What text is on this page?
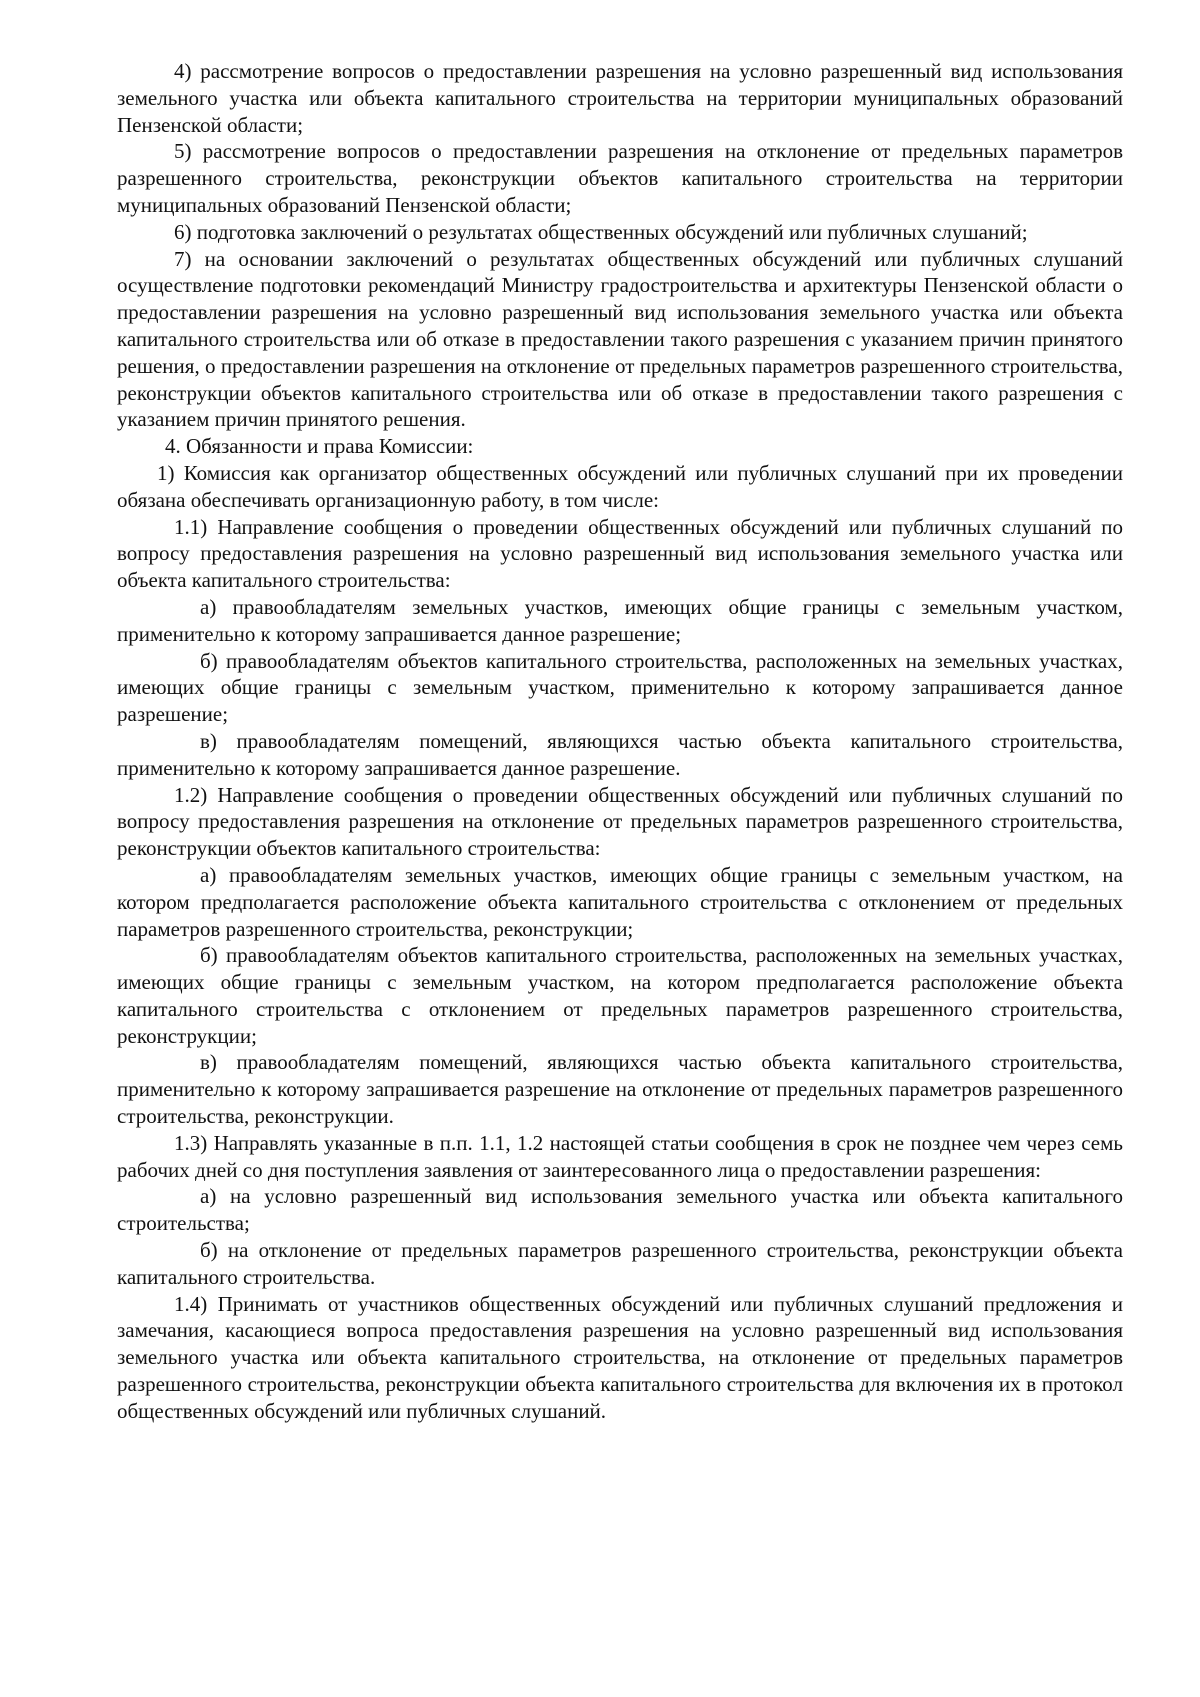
4) рассмотрение вопросов о предоставлении разрешения на условно разрешенный вид использования земельного участка или объекта капитального строительства на территории муниципальных образований Пензенской области;

5) рассмотрение вопросов о предоставлении разрешения на отклонение от предельных параметров разрешенного строительства, реконструкции объектов капитального строительства на территории муниципальных образований Пензенской области;

6) подготовка заключений о результатах общественных обсуждений или публичных слушаний;

7) на основании заключений о результатах общественных обсуждений или публичных слушаний осуществление подготовки рекомендаций Министру градостроительства и архитектуры Пензенской области о предоставлении разрешения на условно разрешенный вид использования земельного участка или объекта капитального строительства или об отказе в предоставлении такого разрешения с указанием причин принятого решения, о предоставлении разрешения на отклонение от предельных параметров разрешенного строительства, реконструкции объектов капитального строительства или об отказе в предоставлении такого разрешения с указанием причин принятого решения.

4. Обязанности и права Комиссии:

1) Комиссия как организатор общественных обсуждений или публичных слушаний при их проведении обязана обеспечивать организационную работу, в том числе:

1.1) Направление сообщения о проведении общественных обсуждений или публичных слушаний по вопросу предоставления разрешения на условно разрешенный вид использования земельного участка или объекта капитального строительства:

а) правообладателям земельных участков, имеющих общие границы с земельным участком, применительно к которому запрашивается данное разрешение;

б) правообладателям объектов капитального строительства, расположенных на земельных участках, имеющих общие границы с земельным участком, применительно к которому запрашивается данное разрешение;

в) правообладателям помещений, являющихся частью объекта капитального строительства, применительно к которому запрашивается данное разрешение.

1.2) Направление сообщения о проведении общественных обсуждений или публичных слушаний по вопросу предоставления разрешения на отклонение от предельных параметров разрешенного строительства, реконструкции объектов капитального строительства:

а) правообладателям земельных участков, имеющих общие границы с земельным участком, на котором предполагается расположение объекта капитального строительства с отклонением от предельных параметров разрешенного строительства, реконструкции;

б) правообладателям объектов капитального строительства, расположенных на земельных участках, имеющих общие границы с земельным участком, на котором предполагается расположение объекта капитального строительства с отклонением от предельных параметров разрешенного строительства, реконструкции;

в) правообладателям помещений, являющихся частью объекта капитального строительства, применительно к которому запрашивается разрешение на отклонение от предельных параметров разрешенного строительства, реконструкции.

1.3) Направлять указанные в п.п. 1.1, 1.2 настоящей статьи сообщения в срок не позднее чем через семь рабочих дней со дня поступления заявления от заинтересованного лица о предоставлении разрешения:

а) на условно разрешенный вид использования земельного участка или объекта капитального строительства;

б) на отклонение от предельных параметров разрешенного строительства, реконструкции объекта капитального строительства.

1.4) Принимать от участников общественных обсуждений или публичных слушаний предложения и замечания, касающиеся вопроса предоставления разрешения на условно разрешенный вид использования земельного участка или объекта капитального строительства, на отклонение от предельных параметров разрешенного строительства, реконструкции объекта капитального строительства для включения их в протокол общественных обсуждений или публичных слушаний.
